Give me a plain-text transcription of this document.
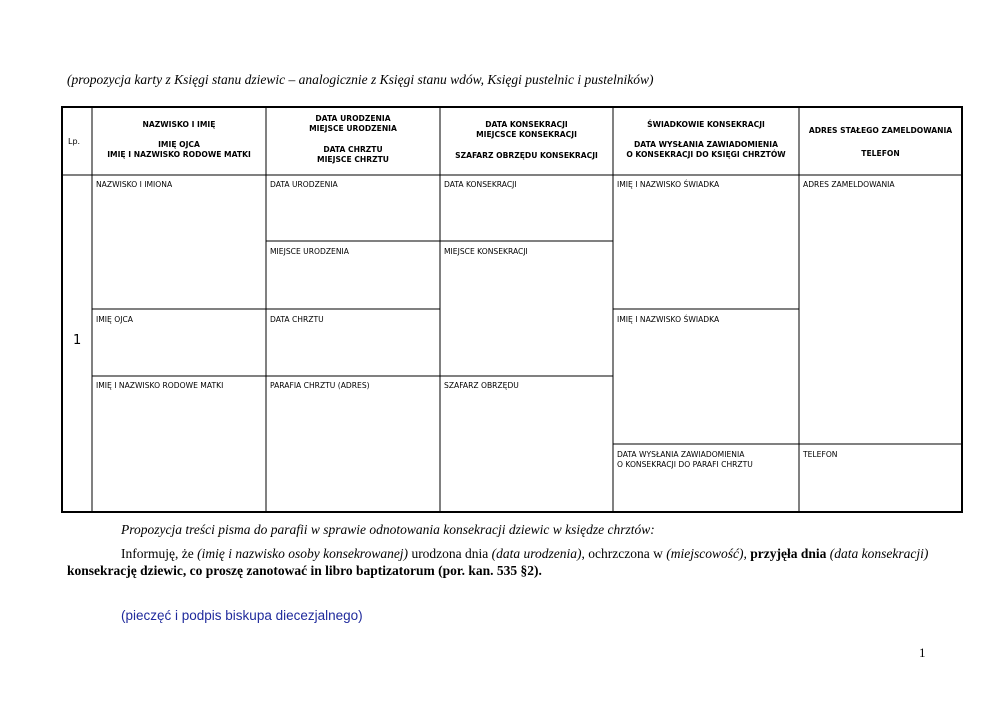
(propozycja karty z Księgi stanu dziewic – analogicznie z Księgi stanu wdów, Księgi pustelnic i pustelników)
Lp.
NAZWISKO I IMIĘ
IMIĘ OJCA
IMIĘ I NAZWISKO RODOWE MATKI
DATA URODZENIA
MIEJSCE URODZENIA
DATA CHRZTU
MIEJSCE CHRZTU
DATA KONSEKRACJI
MIEJCSCE KONSEKRACJI
SZAFARZ OBRZĘDU KONSEKRACJI
ŚWIADKOWIE KONSEKRACJI
DATA WYSŁANIA ZAWIADOMIENIA
O KONSEKRACJI DO KSIĘGI CHRZTÓW
ADRES STAŁEGO ZAMELDOWANIA
TELEFON
1
NAZWISKO I IMIONA
IMIĘ OJCA
IMIĘ I NAZWISKO RODOWE MATKI
DATA URODZENIA
MIEJSCE URODZENIA
DATA CHRZTU
PARAFIA CHRZTU (ADRES)
DATA KONSEKRACJI
MIEJSCE KONSEKRACJI
SZAFARZ OBRZĘDU
IMIĘ I NAZWISKO ŚWIADKA
IMIĘ I NAZWISKO ŚWIADKA
DATA WYSŁANIA ZAWIADOMIENIA
O KONSEKRACJI DO PARAFI CHRZTU
ADRES ZAMELDOWANIA
TELEFON
Propozycja treści pisma do parafii w sprawie odnotowania konsekracji dziewic w księdze chrztów:
Informuję, że (imię i nazwisko osoby konsekrowanej) urodzona dnia (data urodzenia), ochrzczona w (miejscowość), przyjęła dnia (data konsekracji) konsekrację dziewic, co proszę zanotować in libro baptizatorum (por. kan. 535 §2).
(pieczęć i podpis biskupa diecezjalnego)
1
